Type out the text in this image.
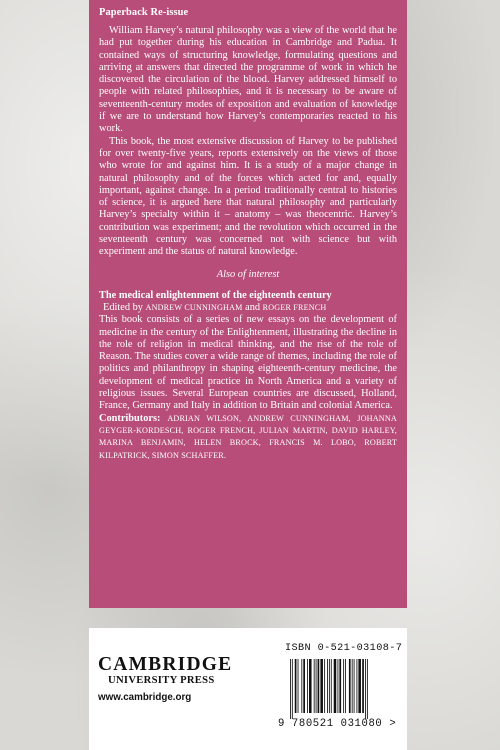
Paperback Re-issue

William Harvey’s natural philosophy was a view of the world that he had put together during his education in Cambridge and Padua. It contained ways of structuring knowledge, formulating questions and arriving at answers that directed the programme of work in which he discovered the circulation of the blood. Harvey addressed himself to people with related philosophies, and it is necessary to be aware of seventeenth-century modes of exposition and evaluation of knowledge if we are to understand how Harvey’s contemporaries reacted to his work.

This book, the most extensive discussion of Harvey to be published for over twenty-five years, reports extensively on the views of those who wrote for and against him. It is a study of a major change in natural philosophy and of the forces which acted for and, equally important, against change. In a period traditionally central to histories of science, it is argued here that natural philosophy and particularly Harvey’s specialty within it – anatomy – was theocentric. Harvey’s contribution was experiment; and the revolution which occurred in the seventeenth century was concerned not with science but with experiment and the status of natural knowledge.

Also of interest
The medical enlightenment of the eighteenth century
Edited by ANDREW CUNNINGHAM and ROGER FRENCH

This book consists of a series of new essays on the development of medicine in the century of the Enlightenment, illustrating the decline in the role of religion in medical thinking, and the rise of the role of Reason. The studies cover a wide range of themes, including the role of politics and philanthropy in shaping eighteenth-century medicine, the development of medical practice in North America and a variety of religious issues. Several European countries are discussed, Holland, France, Germany and Italy in addition to Britain and colonial America.

Contributors: ADRIAN WILSON, ANDREW CUNNINGHAM, JOHANNA GEYGER-KORDESCH, ROGER FRENCH, JULIAN MARTIN, DAVID HARLEY, MARINA BENJAMIN, HELEN BROCK, FRANCIS M. LOBO, ROBERT KILPATRICK, SIMON SCHAFFER.

CAMBRIDGE
UNIVERSITY PRESS
www.cambridge.org
ISBN 0-521-03108-7
9 780521 031080 >
